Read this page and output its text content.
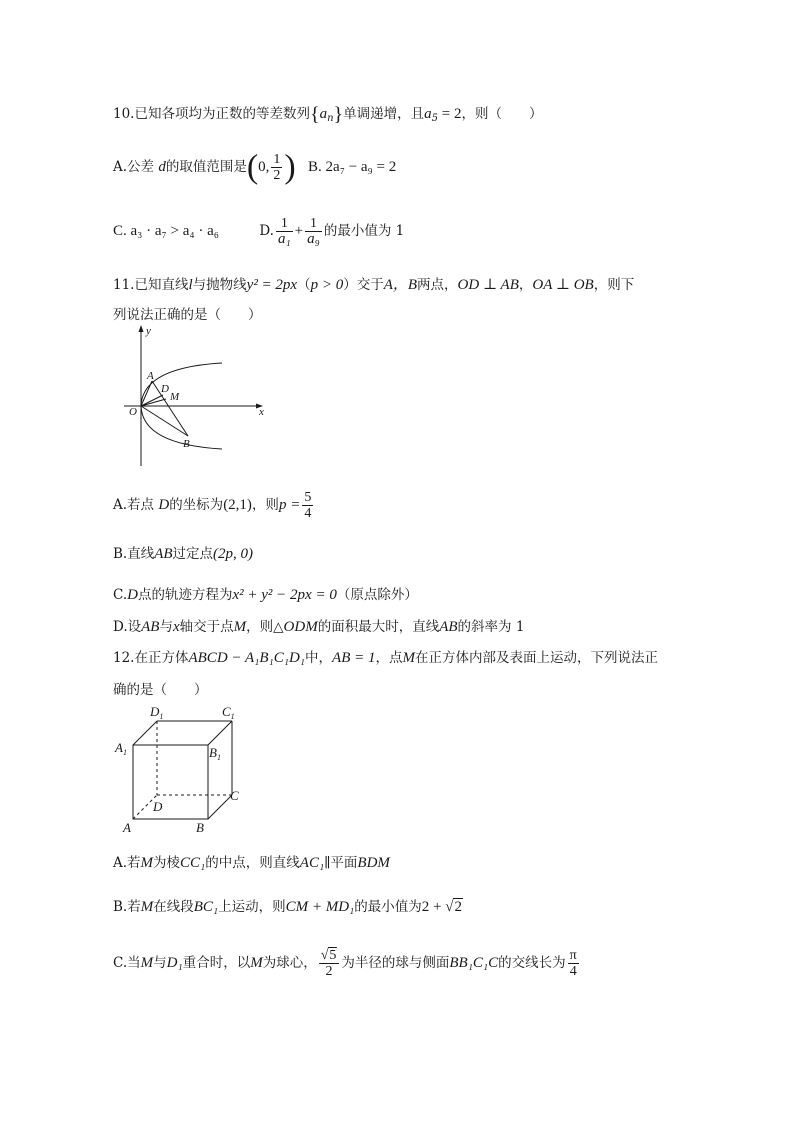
10.已知各项均为正数的等差数列$\{a_n\}$单调递增，且$a_5 = 2$，则（　　）
A.公差 d的取值范围是(0, $\frac{1}{2}$ ) B. 2a₇ − a₉ = 2
C. a₃ · a₇ > a₄ · a₆	D. $\frac{1}{\text{a₁}} + \frac{1}{\text{a₉}}$ 的最小值为 1
11.已知直线l与抛物线y² = 2px（p > 0）交于A，B两点，OD ⊥ AB，OA ⊥ OB，则下
列说法正确的是（　　）
y
x
O
A
D
M
B
A.若点 D的坐标为(2,1)，则$p = \frac{5}{4}$
B.直线AB过定点(2p, 0)
C.D点的轨迹方程为x² + y² − 2px = 0（原点除外）
D.设AB与x轴交于点M，则△ODM的面积最大时，直线AB的斜率为 1
12.在正方体ABCD − A₁B₁C₁D₁中，AB = 1，点M在正方体内部及表面上运动，下列说法正
确的是（　　）
$D_1$	$C_1$
$A_1$	$B_1$
D
C
A	B
A.若M为棱CC₁的中点，则直线AC₁∥平面BDM
B.若M在线段BC₁上运动，则CM + MD₁的最小值为2 + √2
C.当M与D₁重合时，以M为球心， $\frac{√5}{2}$ 为半径的球与侧面BB₁C₁C的交线长为 $\frac{\pi}{4}$
